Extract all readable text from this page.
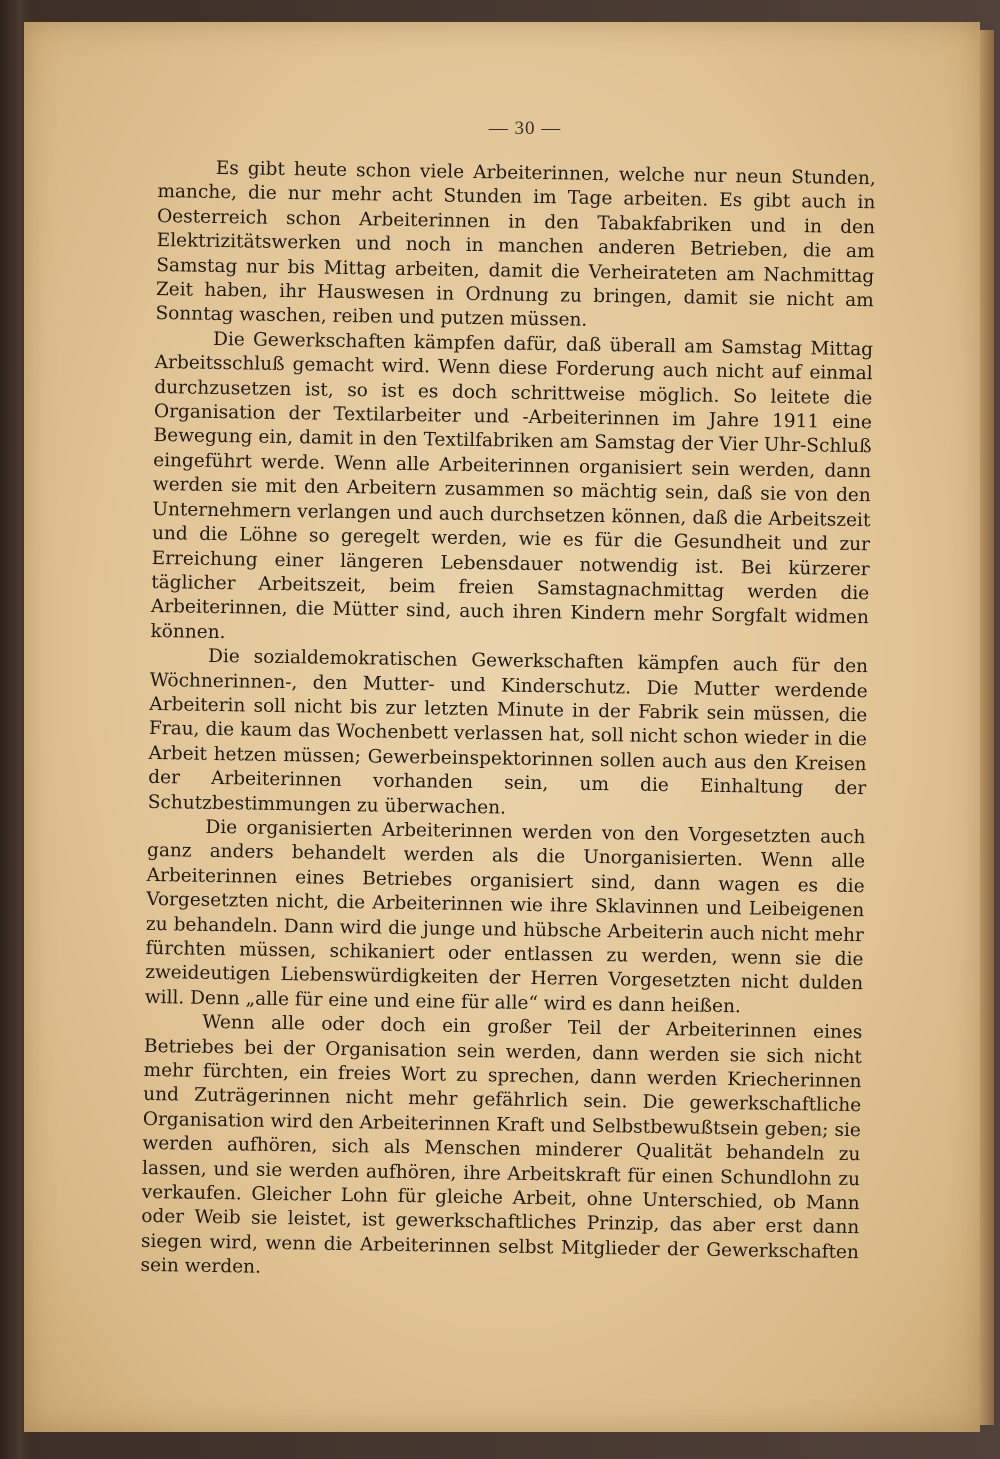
— 30 —

Es gibt heute schon viele Arbeiterinnen, welche nur neun Stunden, manche, die nur mehr acht Stunden im Tage arbeiten. Es gibt auch in Oesterreich schon Arbeiterinnen in den Tabakfabriken und in den Elektrizitätswerken und noch in manchen anderen Betrieben, die am Samstag nur bis Mittag arbeiten, damit die Verheirateten am Nachmittag Zeit haben, ihr Hauswesen in Ordnung zu bringen, damit sie nicht am Sonntag waschen, reiben und putzen müssen.

Die Gewerkschaften kämpfen dafür, daß überall am Samstag Mittag Arbeitsschluß gemacht wird. Wenn diese Forderung auch nicht auf einmal durchzusetzen ist, so ist es doch schrittweise möglich. So leitete die Organisation der Textilarbeiter und -Arbeiterinnen im Jahre 1911 eine Bewegung ein, damit in den Textilfabriken am Samstag der Vier Uhr-Schluß eingeführt werde. Wenn alle Arbeiterinnen organisiert sein werden, dann werden sie mit den Arbeitern zusammen so mächtig sein, daß sie von den Unternehmern verlangen und auch durchsetzen können, daß die Arbeitszeit und die Löhne so geregelt werden, wie es für die Gesundheit und zur Erreichung einer längeren Lebensdauer notwendig ist. Bei kürzerer täglicher Arbeitszeit, beim freien Samstagnachmittag werden die Arbeiterinnen, die Mütter sind, auch ihren Kindern mehr Sorgfalt widmen können.

Die sozialdemokratischen Gewerkschaften kämpfen auch für den Wöchnerinnen-, den Mutter- und Kinderschutz. Die Mutter werdende Arbeiterin soll nicht bis zur letzten Minute in der Fabrik sein müssen, die Frau, die kaum das Wochenbett verlassen hat, soll nicht schon wieder in die Arbeit hetzen müssen; Gewerbeinspektorinnen sollen auch aus den Kreisen der Arbeiterinnen vorhanden sein, um die Einhaltung der Schutzbestimmungen zu überwachen.

Die organisierten Arbeiterinnen werden von den Vorgesetzten auch ganz anders behandelt werden als die Unorganisierten. Wenn alle Arbeiterinnen eines Betriebes organisiert sind, dann wagen es die Vorgesetzten nicht, die Arbeiterinnen wie ihre Sklavinnen und Leibeigenen zu behandeln. Dann wird die junge und hübsche Arbeiterin auch nicht mehr fürchten müssen, schikaniert oder entlassen zu werden, wenn sie die zweideutigen Liebenswürdigkeiten der Herren Vorgesetzten nicht dulden will. Denn „alle für eine und eine für alle“ wird es dann heißen.

Wenn alle oder doch ein großer Teil der Arbeiterinnen eines Betriebes bei der Organisation sein werden, dann werden sie sich nicht mehr fürchten, ein freies Wort zu sprechen, dann werden Kriecherinnen und Zuträgerinnen nicht mehr gefährlich sein. Die gewerkschaftliche Organisation wird den Arbeiterinnen Kraft und Selbstbewußtsein geben; sie werden aufhören, sich als Menschen minderer Qualität behandeln zu lassen, und sie werden aufhören, ihre Arbeitskraft für einen Schundlohn zu verkaufen. Gleicher Lohn für gleiche Arbeit, ohne Unterschied, ob Mann oder Weib sie leistet, ist gewerkschaftliches Prinzip, das aber erst dann siegen wird, wenn die Arbeiterinnen selbst Mitglieder der Gewerkschaften sein werden.
